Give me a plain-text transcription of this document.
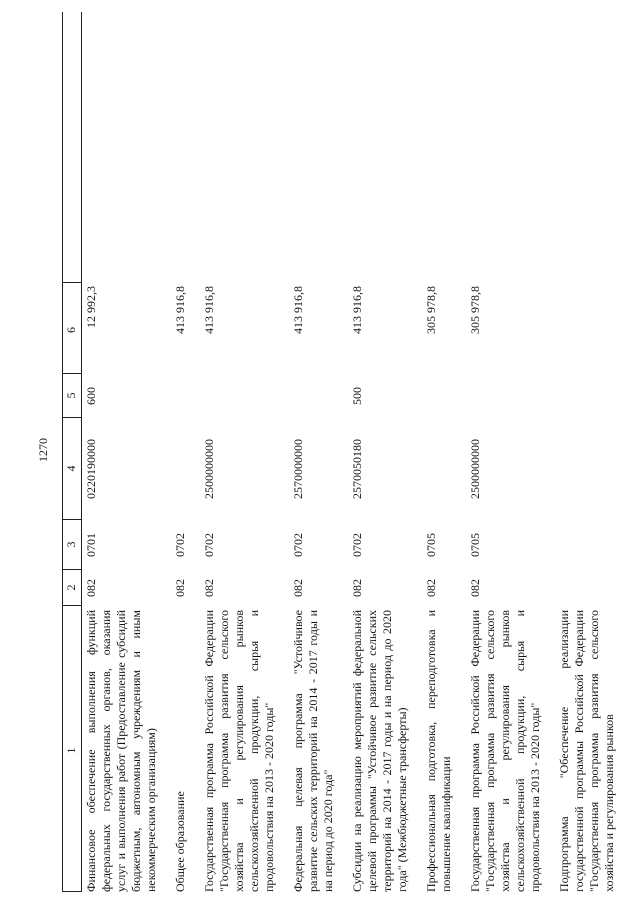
1270
1
2
3
4
5
6
Финансовое обеспечение выполнения функций федеральных государственных органов, оказания услуг и выполнения работ (Предоставление субсидий бюджетным, автономным учреждениям и иным некоммерческим организациям)
082
0701
0220190000
600
12 992,3
Общее образование
082
0702
413 916,8
Государственная программа Российской Федерации "Государственная программа развития сельского хозяйства и регулирования рынков сельскохозяйственной продукции, сырья и продовольствия на 2013 - 2020 годы"
082
0702
2500000000
413 916,8
Федеральная целевая программа "Устойчивое развитие сельских территорий на 2014 - 2017 годы и на период до 2020 года"
082
0702
2570000000
413 916,8
Субсидии на реализацию мероприятий федеральной целевой программы "Устойчивое развитие сельских территорий на 2014 - 2017 годы и на период до 2020 года" (Межбюджетные трансферты)
082
0702
2570050180
500
413 916,8
Профессиональная подготовка, переподготовка и повышение квалификации
082
0705
305 978,8
Государственная программа Российской Федерации "Государственная программа развития сельского хозяйства и регулирования рынков сельскохозяйственной продукции, сырья и продовольствия на 2013 - 2020 годы"
082
0705
2500000000
305 978,8
Подпрограмма "Обеспечение реализации государственной программы Российской Федерации "Государственная программа развития сельского хозяйства и регулирования рынков
